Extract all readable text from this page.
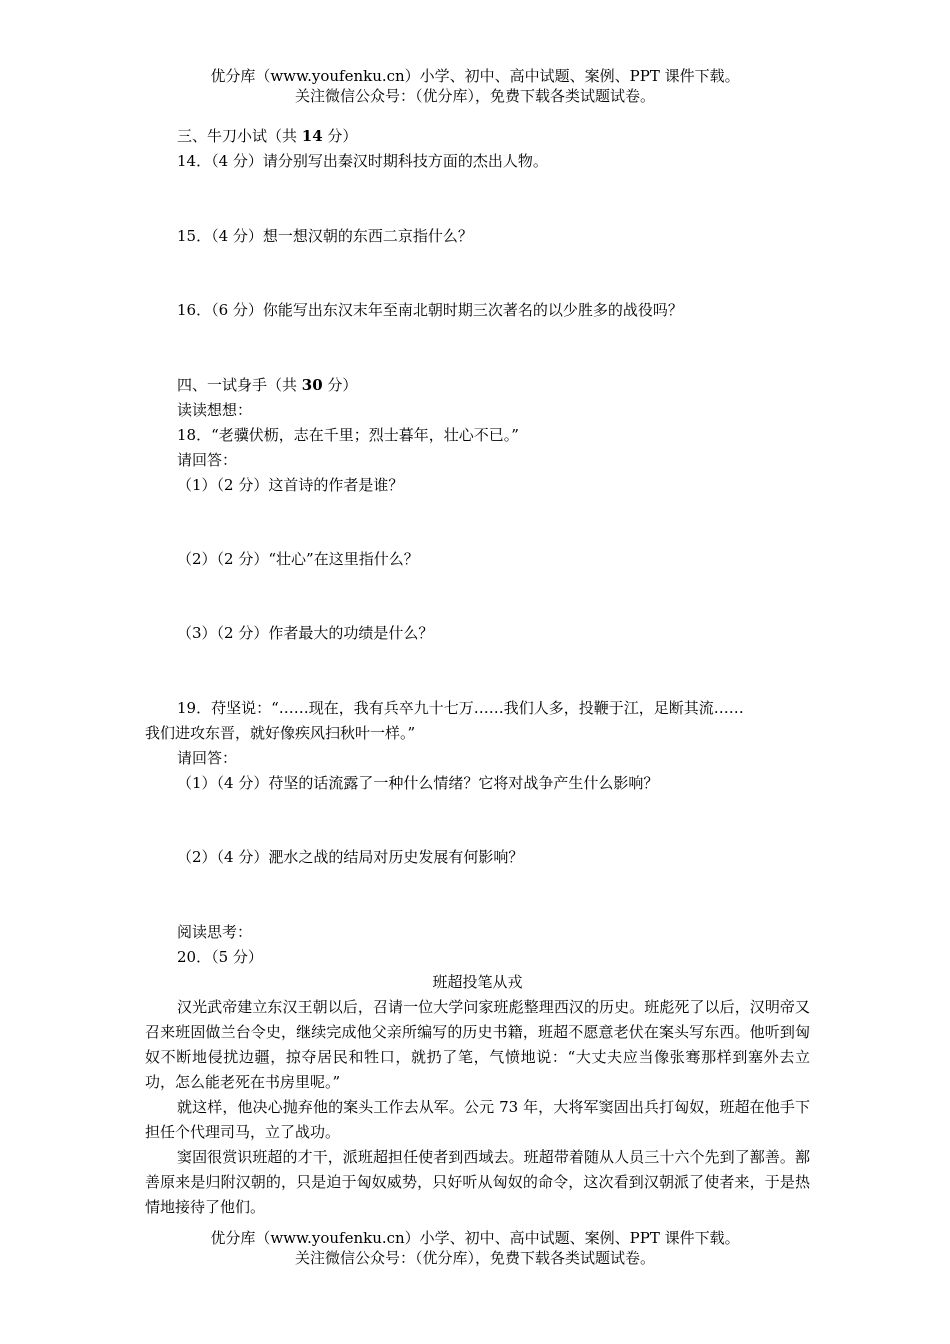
优分库（www.youfenku.cn）小学、初中、高中试题、案例、PPT 课件下载。
关注微信公众号：（优分库），免费下载各类试题试卷。
三、牛刀小试（共 14 分）
14．（4 分）请分别写出秦汉时期科技方面的杰出人物。
15．（4 分）想一想汉朝的东西二京指什么？
16．（6 分）你能写出东汉末年至南北朝时期三次著名的以少胜多的战役吗？
四、一试身手（共 30 分）
读读想想：
18．“老骥伏枥，志在千里；烈士暮年，壮心不已。”
请回答：
（1）（2 分）这首诗的作者是谁？
（2）（2 分）“壮心”在这里指什么？
（3）（2 分）作者最大的功绩是什么？
19．苻坚说：“……现在，我有兵卒九十七万……我们人多，投鞭于江，足断其流……
我们进攻东晋，就好像疾风扫秋叶一样。”
请回答：
（1）（4 分）苻坚的话流露了一种什么情绪？它将对战争产生什么影响？
（2）（4 分）淝水之战的结局对历史发展有何影响？
阅读思考：
20．（5 分）
班超投笔从戎
汉光武帝建立东汉王朝以后，召请一位大学问家班彪整理西汉的历史。班彪死了以后，汉明帝又召来班固做兰台令史，继续完成他父亲所编写的历史书籍，班超不愿意老伏在案头写东西。他听到匈奴不断地侵扰边疆，掠夺居民和牲口，就扔了笔，气愤地说：“大丈夫应当像张骞那样到塞外去立功，怎么能老死在书房里呢。”
就这样，他决心抛弃他的案头工作去从军。公元 73 年，大将军窦固出兵打匈奴，班超在他手下担任个代理司马，立了战功。
窦固很赏识班超的才干，派班超担任使者到西域去。班超带着随从人员三十六个先到了鄯善。鄯善原来是归附汉朝的，只是迫于匈奴威势，只好听从匈奴的命令，这次看到汉朝派了使者来，于是热情地接待了他们。
优分库（www.youfenku.cn）小学、初中、高中试题、案例、PPT 课件下载。
关注微信公众号：（优分库），免费下载各类试题试卷。
